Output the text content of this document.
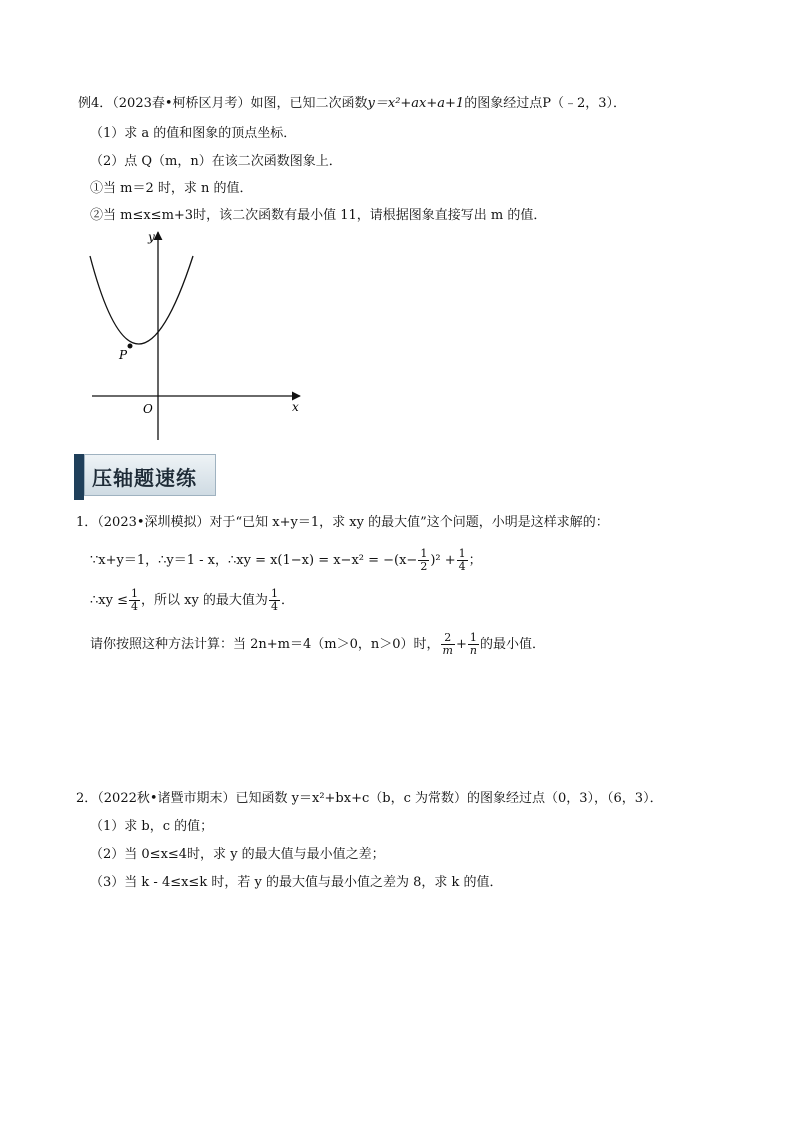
例4．（2023春•柯桥区月考）如图，已知二次函数y＝x²+ax+a+1的图象经过点P（﹣2，3）．
（1）求 a 的值和图象的顶点坐标．
（2）点 Q（m，n）在该二次函数图象上．
①当 m＝2 时，求 n 的值．
②当 m≤x≤m+3时，该二次函数有最小值 11，请根据图象直接写出 m 的值．
P
O	x
y
压轴题速练
1．（2023•深圳模拟）对于“已知 x+y＝1，求 xy 的最大值”这个问题，小明是这样求解的：
∵x+y＝1，∴y＝1 - x，∴xy = $x(1-x) = x-x^2 = -(x- \frac{1}{2} )^2 + \frac{1}{4}$ ；
∴xy ≤ $\frac{1}{4}$ ，所以 xy 的最大值为 $\frac{1}{4}$ ．
请你按照这种方法计算：当 2n+m＝4（m＞0，n＞0）时， $\frac{2}{m} + \frac{1}{n}$ 的最小值．
2．（2022秋•诸暨市期末）已知函数 y＝x²+bx+c（b，c 为常数）的图象经过点（0，3），（6，3）．
（1）求 b，c 的值；
（2）当 0≤x≤4时，求 y 的最大值与最小值之差；
（3）当 k - 4≤x≤k 时，若 y 的最大值与最小值之差为 8，求 k 的值．
